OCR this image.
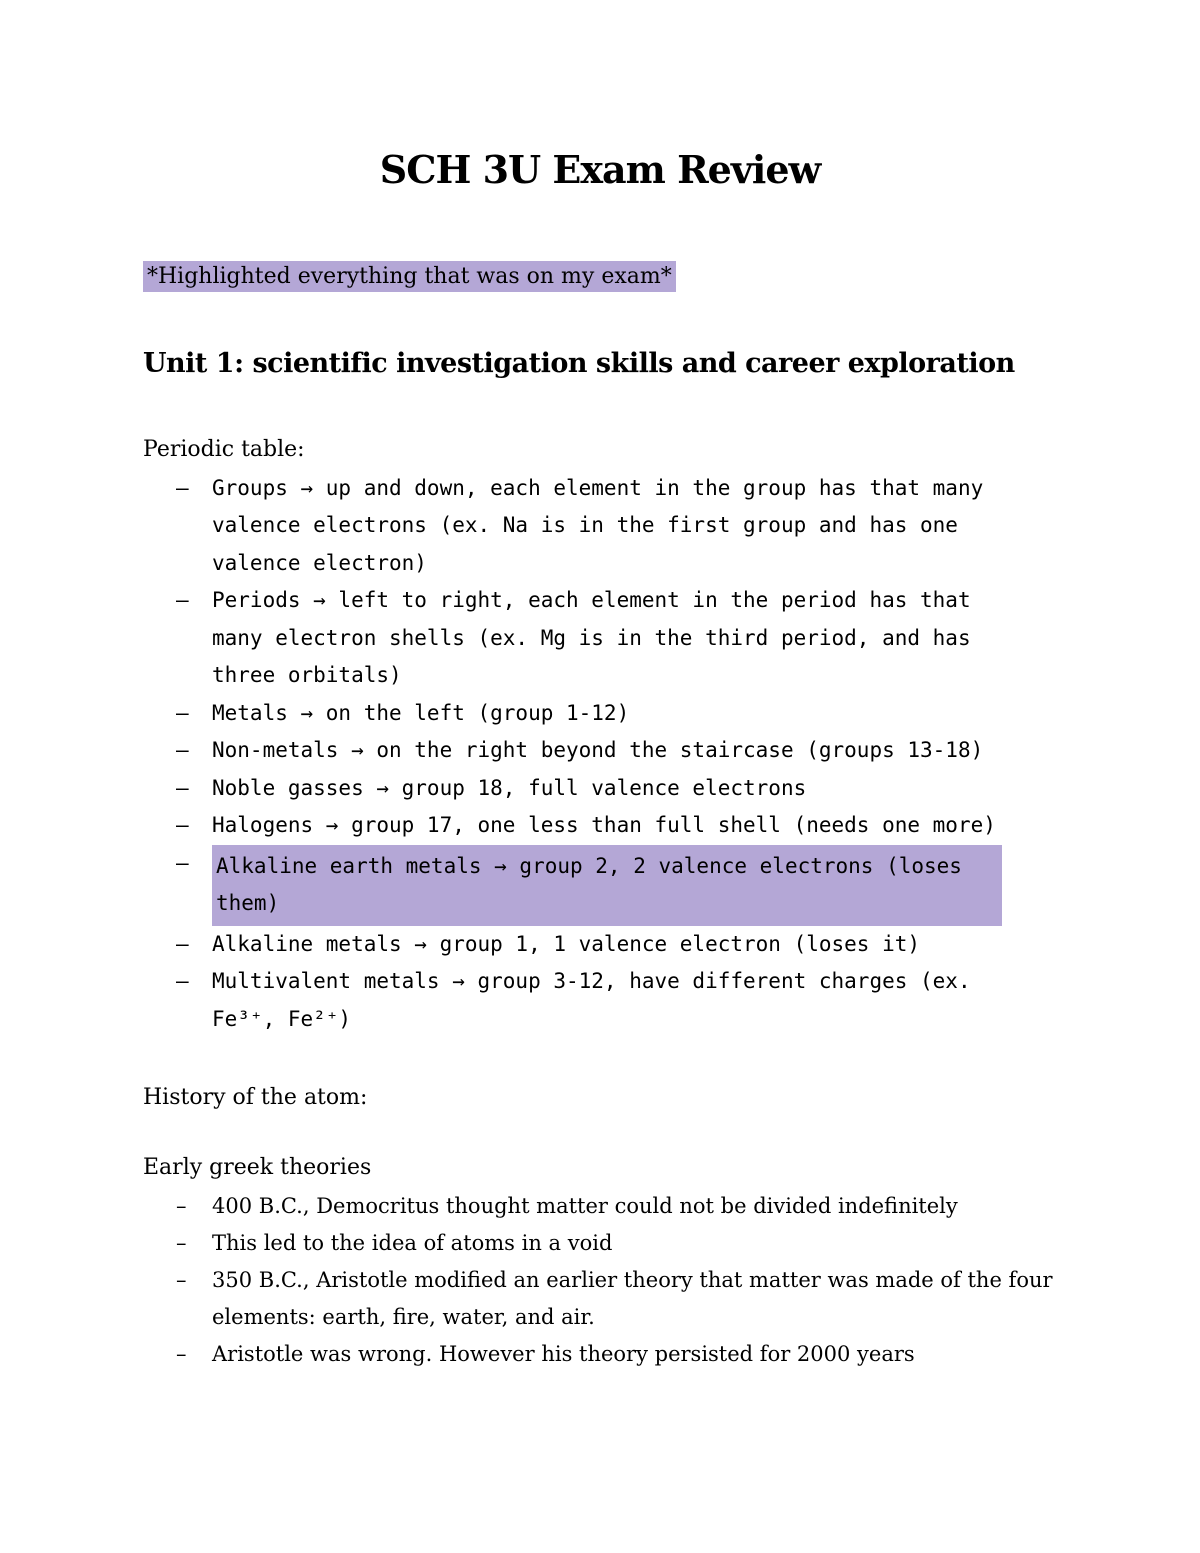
SCH 3U Exam Review
*Highlighted everything that was on my exam*
Unit 1: scientific investigation skills and career exploration
Periodic table:
–	Groups → up and down, each element in the group has that many valence electrons (ex. Na is in the first group and has one valence electron)
–	Periods → left to right, each element in the period has that many electron shells (ex. Mg is in the third period, and has three orbitals)
–	Metals → on the left (group 1-12)
–	Non-metals → on the right beyond the staircase (groups 13-18)
–	Noble gasses → group 18, full valence electrons
–	Halogens → group 17, one less than full shell (needs one more)
–	Alkaline earth metals → group 2, 2 valence electrons (loses them)
–	Alkaline metals → group 1, 1 valence electron (loses it)
–	Multivalent metals → group 3-12, have different charges (ex. Fe³⁺, Fe²⁺)
History of the atom:
Early greek theories
–	400 B.C., Democritus thought matter could not be divided indefinitely
–	This led to the idea of atoms in a void
–	350 B.C., Aristotle modified an earlier theory that matter was made of the four elements: earth, fire, water, and air.
–	Aristotle was wrong. However his theory persisted for 2000 years
